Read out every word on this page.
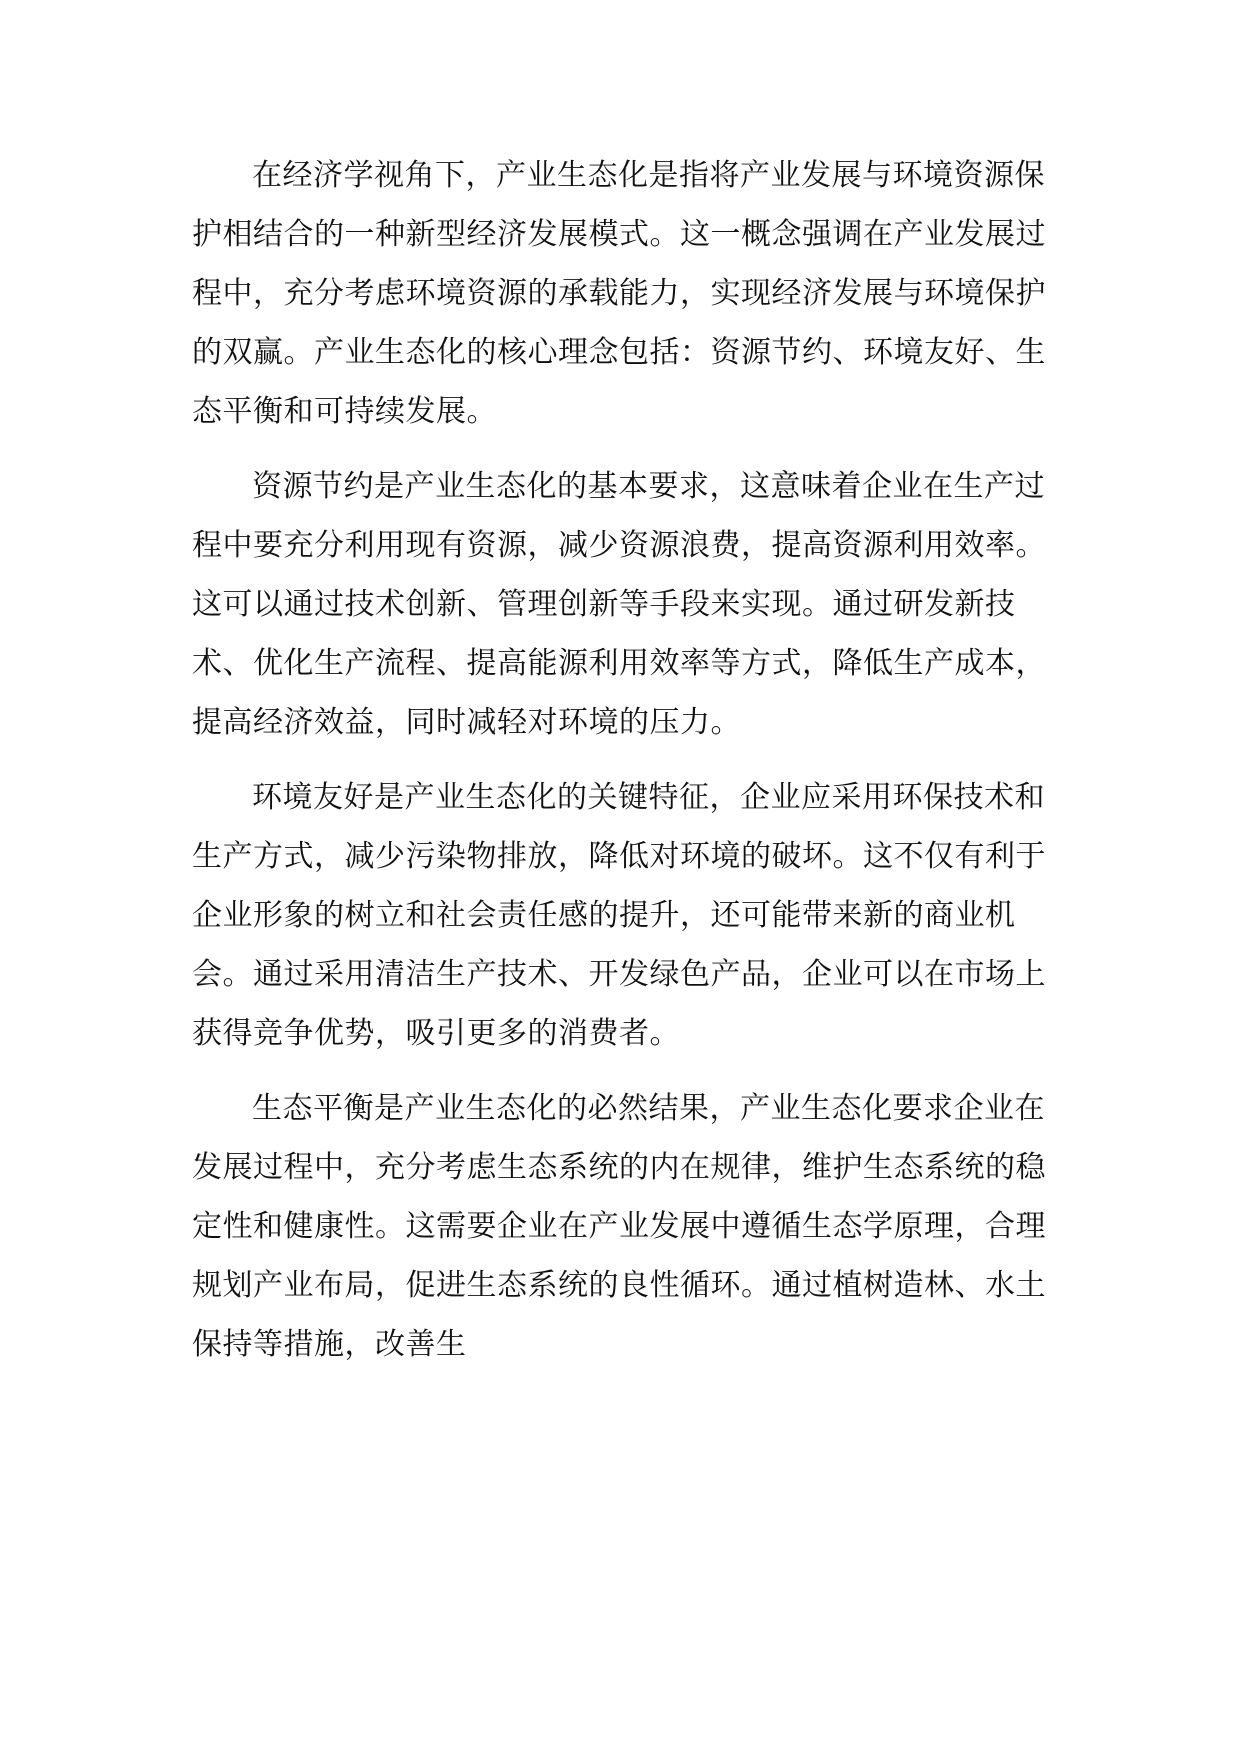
在经济学视角下，产业生态化是指将产业发展与环境资源保护相结合的一种新型经济发展模式。这一概念强调在产业发展过程中，充分考虑环境资源的承载能力，实现经济发展与环境保护的双赢。产业生态化的核心理念包括：资源节约、环境友好、生态平衡和可持续发展。

资源节约是产业生态化的基本要求，这意味着企业在生产过程中要充分利用现有资源，减少资源浪费，提高资源利用效率。这可以通过技术创新、管理创新等手段来实现。通过研发新技术、优化生产流程、提高能源利用效率等方式，降低生产成本，提高经济效益，同时减轻对环境的压力。

环境友好是产业生态化的关键特征，企业应采用环保技术和生产方式，减少污染物排放，降低对环境的破坏。这不仅有利于企业形象的树立和社会责任感的提升，还可能带来新的商业机会。通过采用清洁生产技术、开发绿色产品，企业可以在市场上获得竞争优势，吸引更多的消费者。

生态平衡是产业生态化的必然结果，产业生态化要求企业在发展过程中，充分考虑生态系统的内在规律，维护生态系统的稳定性和健康性。这需要企业在产业发展中遵循生态学原理，合理规划产业布局，促进生态系统的良性循环。通过植树造林、水土保持等措施，改善生
